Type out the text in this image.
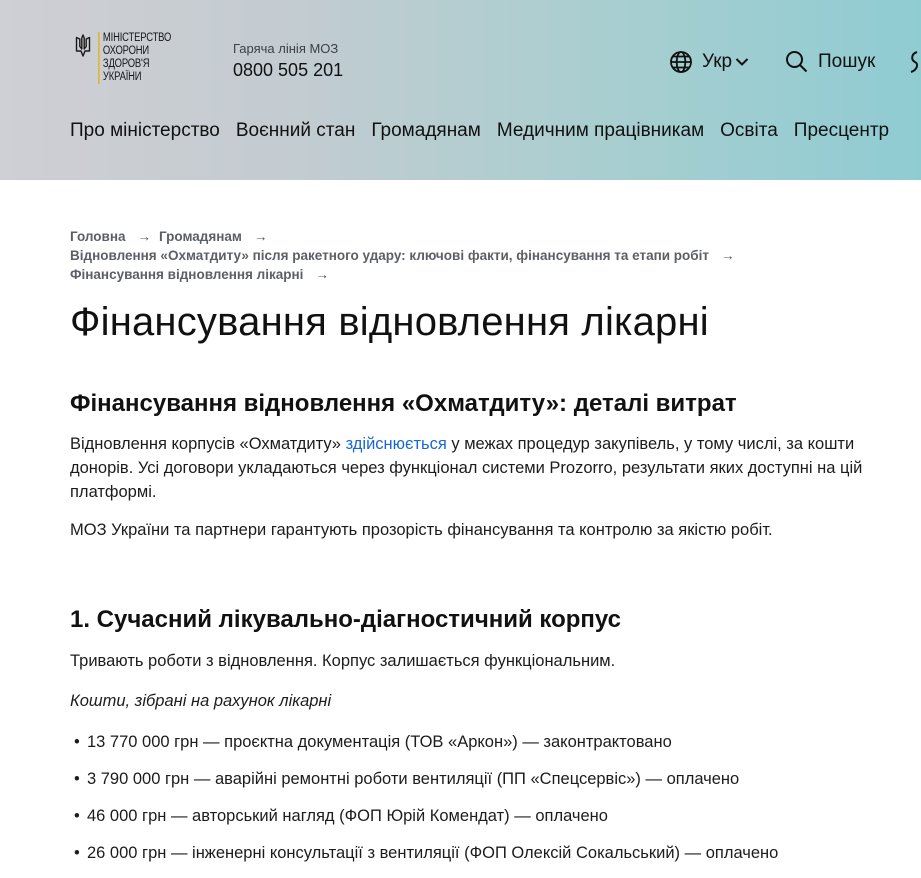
МІНІСТЕРСТВО
ОХОРОНИ
ЗДОРОВ'Я
УКРАЇНИ
Гаряча лінія МОЗ
0800 505 201	Укр	Пошук
Про міністерство Воєнний стан Громадянам Медичним працівникам Освіта Пресцентр
Головна → Громадянам →
Відновлення «Охматдиту» після ракетного удару: ключові факти, фінансування та етапи робіт →
Фінансування відновлення лікарні →
Фінансування відновлення лікарні
Фінансування відновлення «Охматдиту»: деталі витрат

Відновлення корпусів «Охматдиту» здійснюється у межах процедур закупівель, у тому числі, за кошти донорів. Усі договори укладаються через функціонал системи Prozorro, результати яких доступні на цій платформі.

МОЗ України та партнери гарантують прозорість фінансування та контролю за якістю робіт.

1. Сучасний лікувально-діагностичний корпус

Тривають роботи з відновлення. Корпус залишається функціональним.

Кошти, зібрані на рахунок лікарні

• 13 770 000 грн — проєктна документація (ТОВ «Аркон») — законтрактовано
• 3 790 000 грн — аварійні ремонтні роботи вентиляції (ПП «Спецсервіс») — оплачено
• 46 000 грн — авторський нагляд (ФОП Юрій Комендат) — оплачено
• 26 000 грн — інженерні консультації з вентиляції (ФОП Олексій Сокальський) — оплачено
